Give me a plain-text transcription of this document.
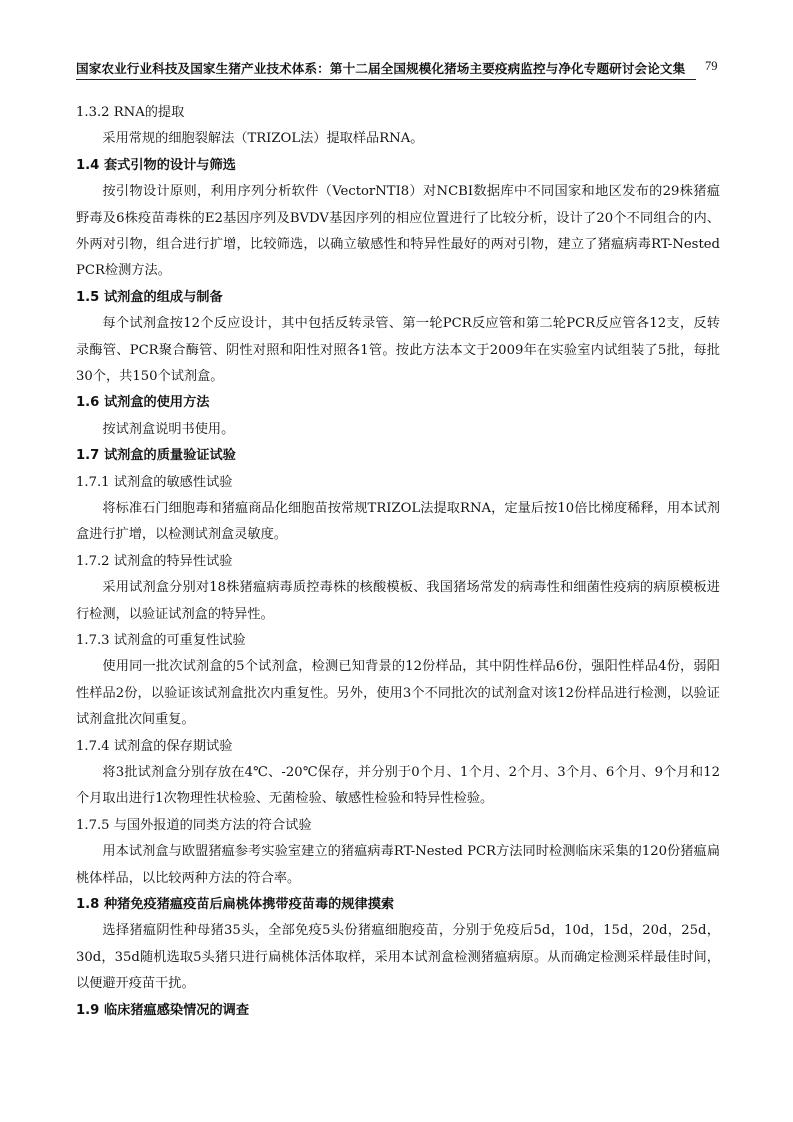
国家农业行业科技及国家生猪产业技术体系：第十二届全国规模化猪场主要疫病监控与净化专题研讨会论文集 79
1.3.2 RNA的提取

采用常规的细胞裂解法（TRIZOL法）提取样品RNA。

1.4 套式引物的设计与筛选

按引物设计原则，利用序列分析软件（VectorNTI8）对NCBI数据库中不同国家和地区发布的29株猪瘟野毒及6株疫苗毒株的E2基因序列及BVDV基因序列的相应位置进行了比较分析，设计了20个不同组合的内、外两对引物，组合进行扩增，比较筛选，以确立敏感性和特异性最好的两对引物，建立了猪瘟病毒RT-Nested PCR检测方法。

1.5 试剂盒的组成与制备

每个试剂盒按12个反应设计，其中包括反转录管、第一轮PCR反应管和第二轮PCR反应管各12支，反转录酶管、PCR聚合酶管、阴性对照和阳性对照各1管。按此方法本文于2009年在实验室内试组装了5批，每批30个，共150个试剂盒。

1.6 试剂盒的使用方法

按试剂盒说明书使用。

1.7 试剂盒的质量验证试验
1.7.1 试剂盒的敏感性试验

将标准石门细胞毒和猪瘟商品化细胞苗按常规TRIZOL法提取RNA，定量后按10倍比梯度稀释，用本试剂盒进行扩增，以检测试剂盒灵敏度。

1.7.2 试剂盒的特异性试验

采用试剂盒分别对18株猪瘟病毒质控毒株的核酸模板、我国猪场常发的病毒性和细菌性疫病的病原模板进行检测，以验证试剂盒的特异性。

1.7.3 试剂盒的可重复性试验

使用同一批次试剂盒的5个试剂盒，检测已知背景的12份样品，其中阴性样品6份，强阳性样品4份，弱阳性样品2份，以验证该试剂盒批次内重复性。另外，使用3个不同批次的试剂盒对该12份样品进行检测，以验证试剂盒批次间重复。

1.7.4 试剂盒的保存期试验

将3批试剂盒分别存放在4℃、-20℃保存，并分别于0个月、1个月、2个月、3个月、6个月、9个月和12个月取出进行1次物理性状检验、无菌检验、敏感性检验和特异性检验。

1.7.5 与国外报道的同类方法的符合试验

用本试剂盒与欧盟猪瘟参考实验室建立的猪瘟病毒RT-Nested PCR方法同时检测临床采集的120份猪瘟扁桃体样品，以比较两种方法的符合率。

1.8 种猪免疫猪瘟疫苗后扁桃体携带疫苗毒的规律摸索

选择猪瘟阴性种母猪35头，全部免疫5头份猪瘟细胞疫苗，分别于免疫后5d，10d，15d，20d，25d，30d，35d随机选取5头猪只进行扁桃体活体取样，采用本试剂盒检测猪瘟病原。从而确定检测采样最佳时间，以便避开疫苗干扰。

1.9 临床猪瘟感染情况的调查
